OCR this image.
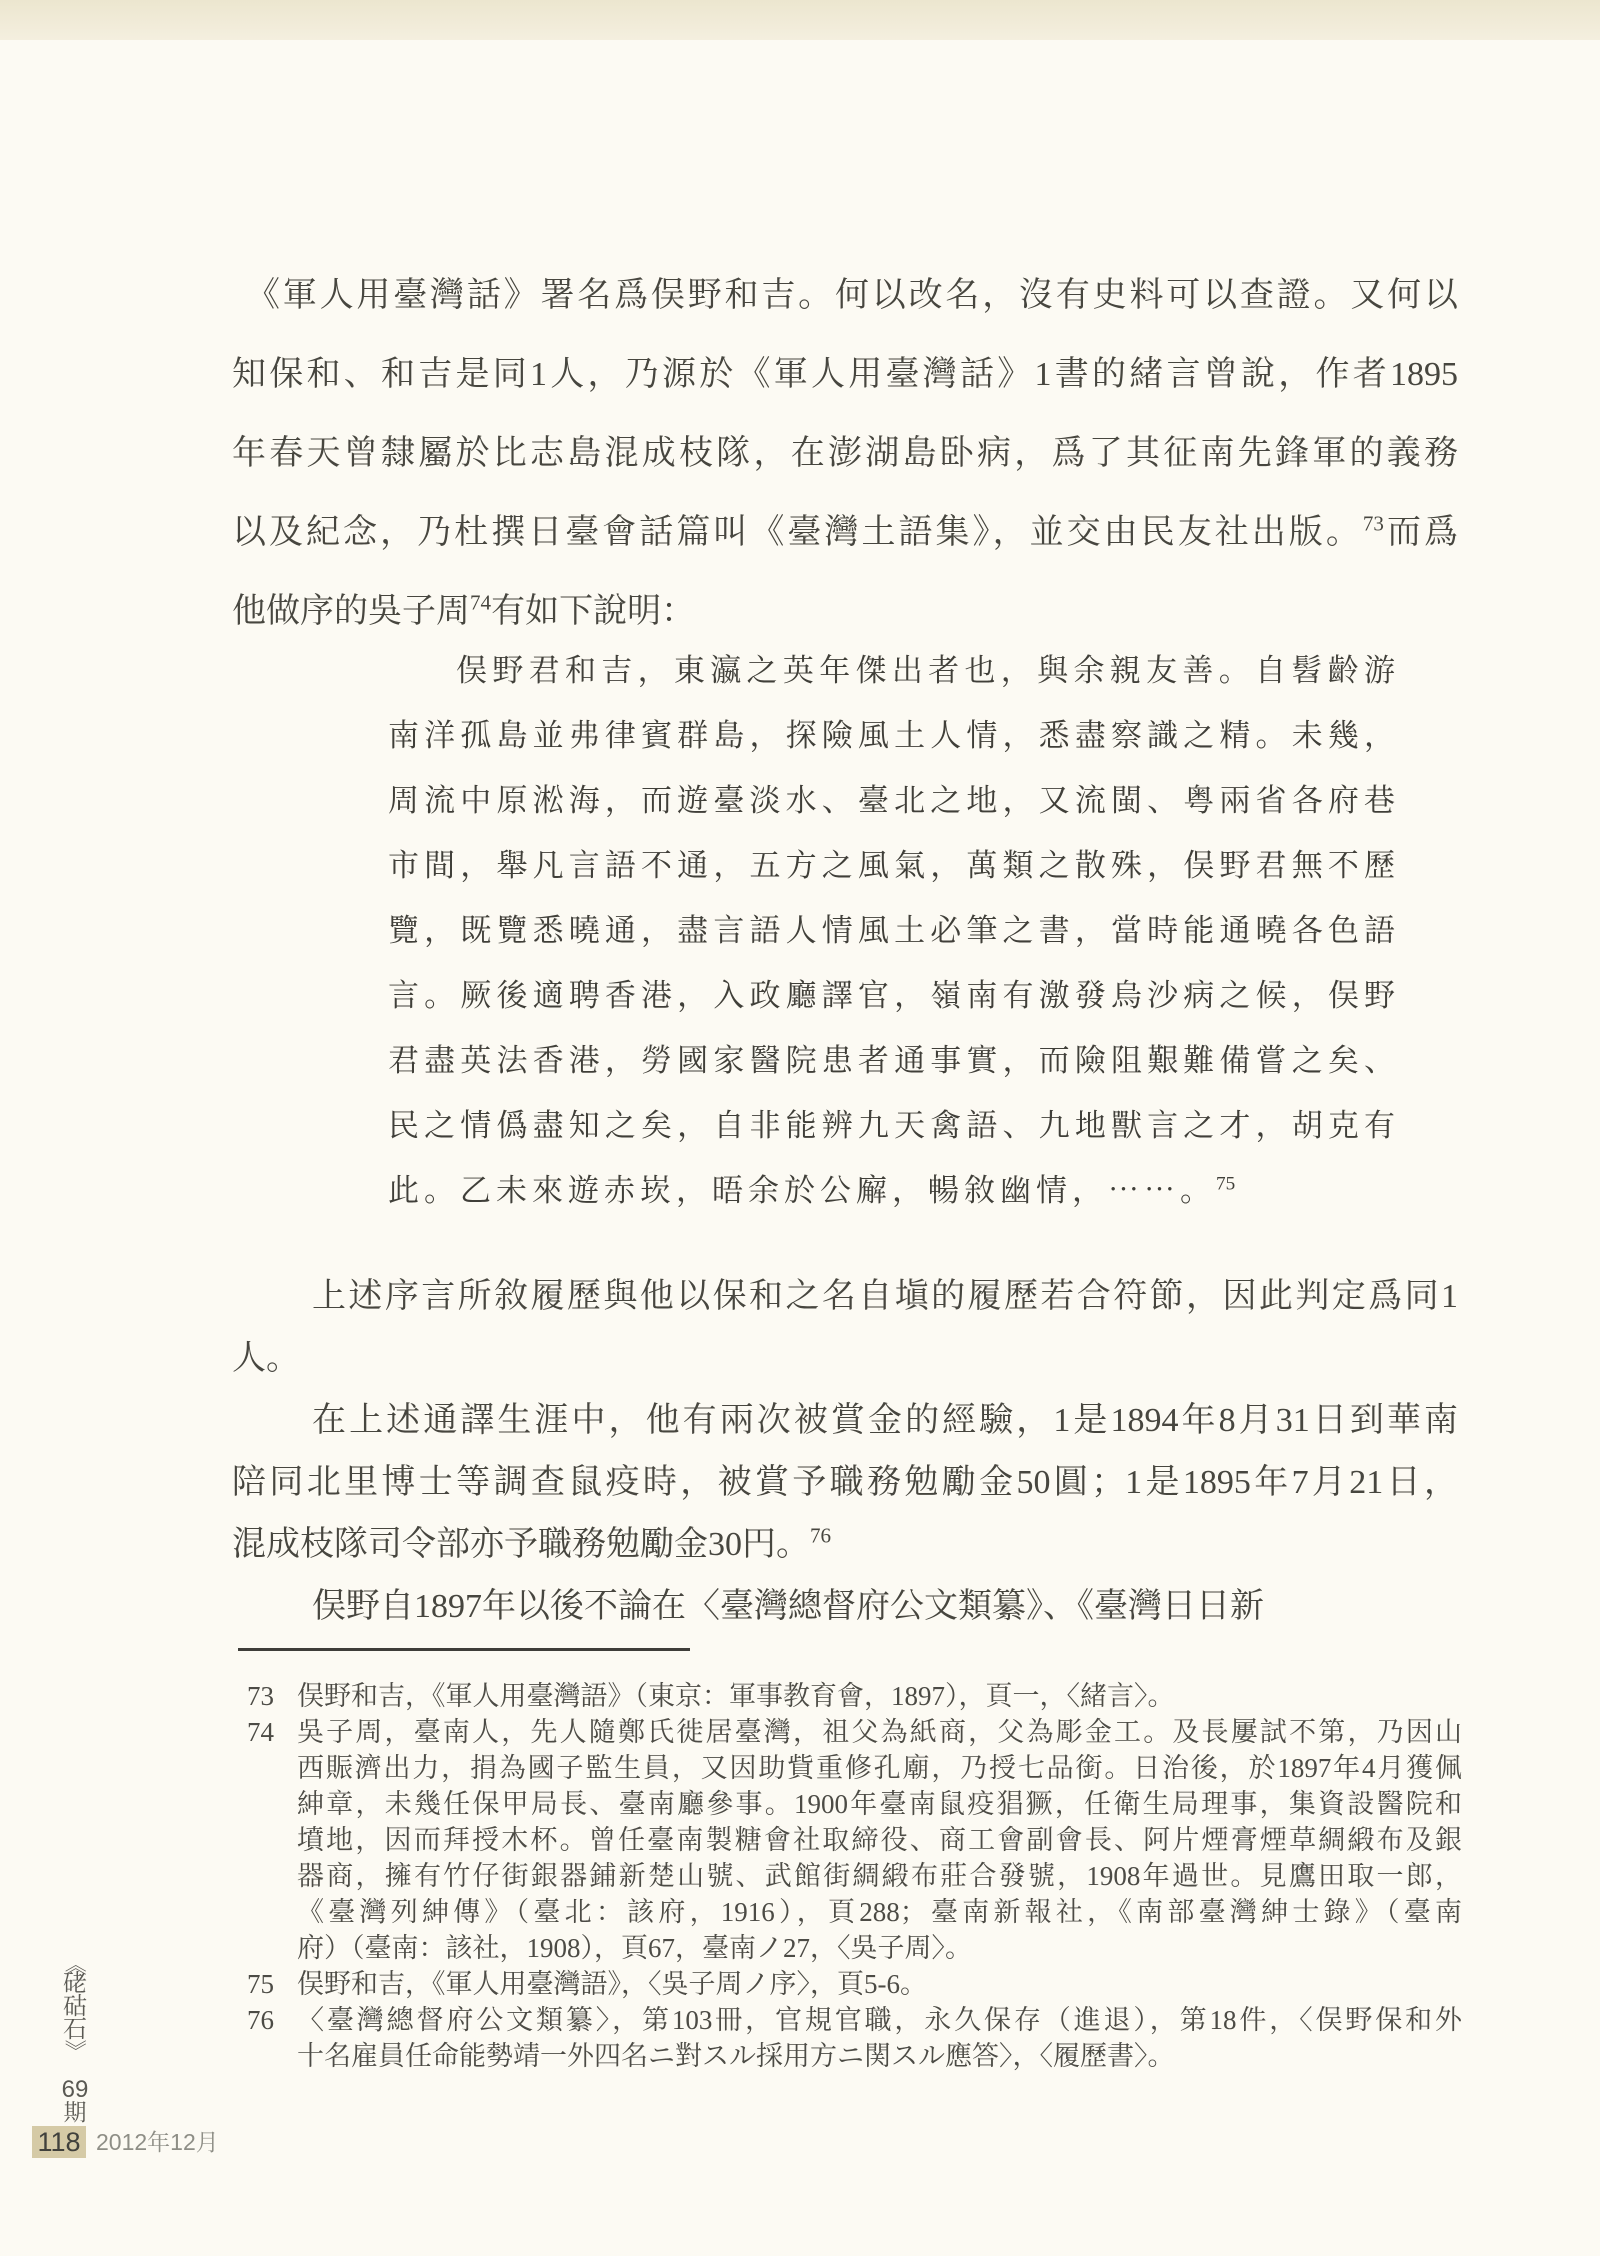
《軍人用臺灣話》署名爲俣野和吉。何以改名，沒有史料可以查證。又何以
知保和、和吉是同1人，乃源於《軍人用臺灣話》1書的緒言曾說，作者1895
年春天曾隸屬於比志島混成枝隊，在澎湖島卧病，爲了其征南先鋒軍的義務
以及紀念，乃杜撰日臺會話篇叫《臺灣土語集》，並交由民友社出版。$^{73}$而爲
他做序的吳子周$^{74}$有如下說明：
俣野君和吉，東瀛之英年傑出者也，與余親友善。自髫齡游
南洋孤島並弗律賓群島，探險風土人情，悉盡察識之精。未幾，
周流中原淞海，而遊臺淡水、臺北之地，又流閩、粤兩省各府巷
市間，舉凡言語不通，五方之風氣，萬類之散殊，俣野君無不歷
覽，既覽悉曉通，盡言語人情風土必筆之書，當時能通曉各色語
言。厥後適聘香港，入政廳譯官，嶺南有激發烏沙病之候，俣野
君盡英法香港，勞國家醫院患者通事實，而險阻艱難備嘗之矣、
民之情僞盡知之矣，自非能辨九天禽語、九地獸言之才，胡克有
此。乙未來遊赤崁，晤余於公廨，暢敘幽情，⋯⋯。$^{75}$
上述序言所敘履歷與他以保和之名自塡的履歷若合符節，因此判定爲同1
人。
在上述通譯生涯中，他有兩次被賞金的經驗，1是1894年8月31日到華南
陪同北里博士等調查鼠疫時，被賞予職務勉勵金50圓；1是1895年7月21日，
混成枝隊司令部亦予職務勉勵金30円。$^{76}$
俣野自1897年以後不論在〈臺灣總督府公文類纂》、《臺灣日日新
73 俣野和吉，《軍人用臺灣語》（東京：軍事教育會，1897），頁一，〈緒言〉。
74 吳子周，臺南人，先人隨鄭氏徙居臺灣，祖父為紙商，父為彫金工。及長屢試不第，乃因山
西賑濟出力，捐為國子監生員，又因助貲重修孔廟，乃授七品銜。日治後，於1897年4月獲佩
紳章，未幾任保甲局長、臺南廳參事。1900年臺南鼠疫猖獗，任衛生局理事，集資設醫院和
墳地，因而拜授木杯。曾任臺南製糖會社取締役、商工會副會長、阿片煙膏煙草綢緞布及銀
器商，擁有竹仔街銀器鋪新楚山號、武館街綢緞布莊合發號，1908年過世。見鷹田取一郎，
《臺灣列紳傳》（臺北：該府，1916），頁288；臺南新報社，《南部臺灣紳士錄》（臺南
府）（臺南：該社，1908），頁67，臺南ノ27，〈吳子周〉。
75 俣野和吉，《軍人用臺灣語》，〈吳子周ノ序〉，頁5-6。
76 〈臺灣總督府公文類纂〉，第103冊，官規官職，永久保存（進退），第18件，〈俣野保和外
十名雇員任命能勢靖一外四名ニ對スル採用方ニ関スル應答〉，〈履歷書〉。
《
硓
𥑮
石
》
69
期
118 2012年12月
